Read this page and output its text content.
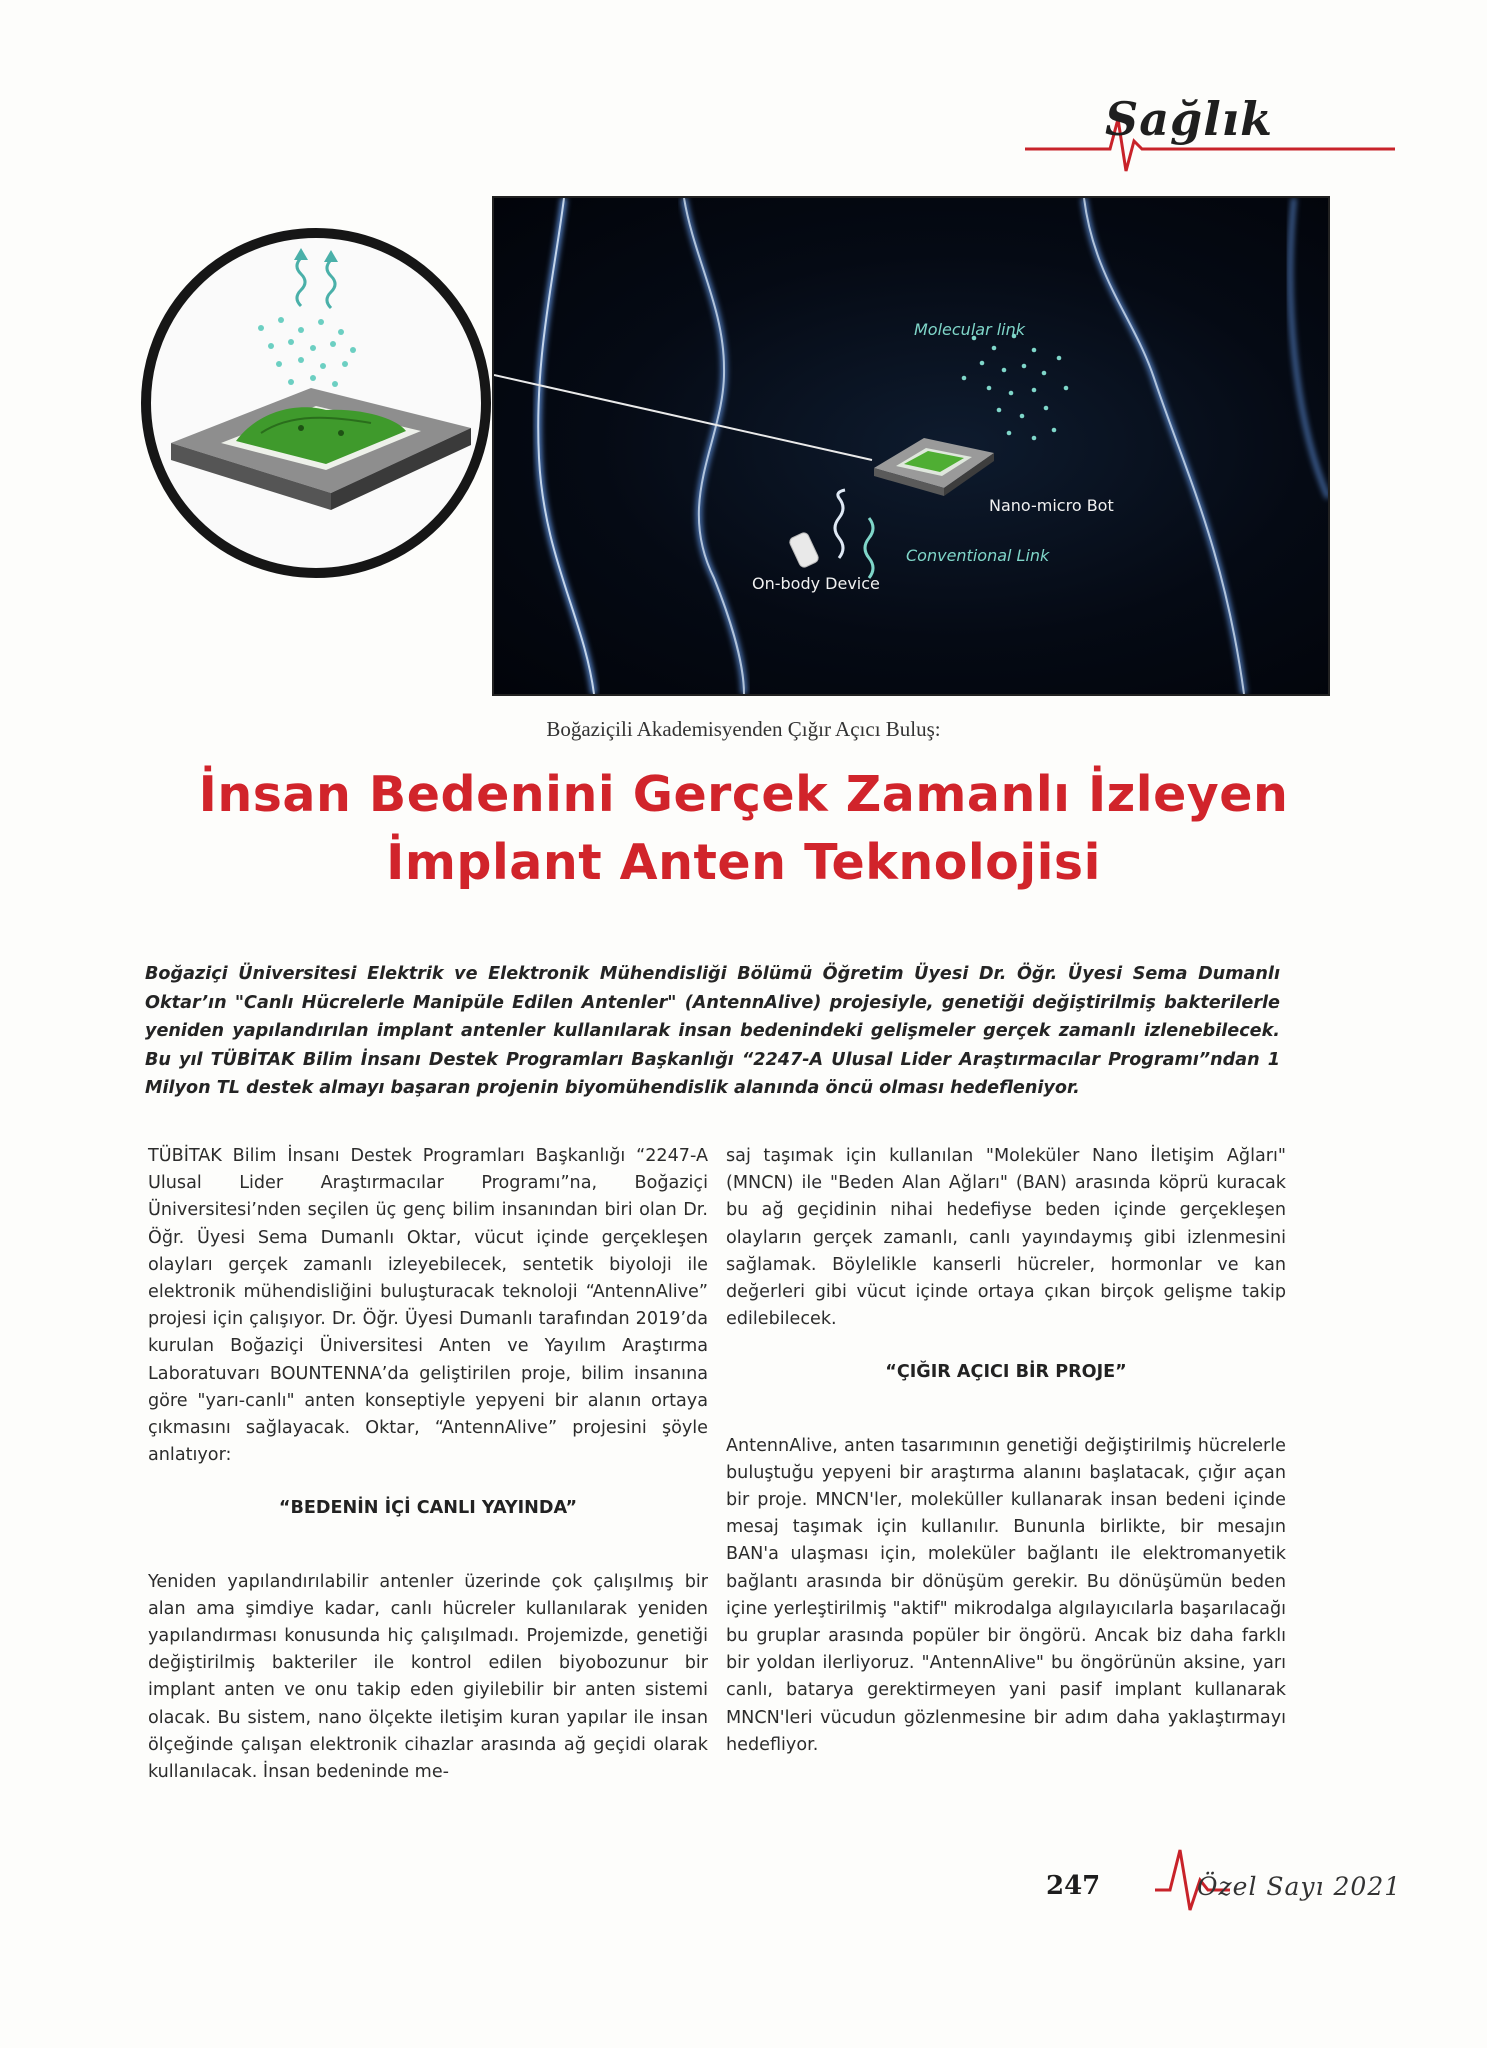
Sağlık
Molecular link
Nano-micro Bot
Conventional Link
On-body Device
Boğaziçili Akademisyenden Çığır Açıcı Buluş:
İnsan Bedenini Gerçek Zamanlı İzleyen
İmplant Anten Teknolojisi
Boğaziçi Üniversitesi Elektrik ve Elektronik Mühendisliği Bölümü Öğretim Üyesi Dr. Öğr. Üyesi Sema Dumanlı Oktar’ın "Canlı Hücrelerle Manipüle Edilen Antenler" (AntennAlive) projesiyle, genetiği değiştirilmiş bakterilerle yeniden yapılandırılan implant antenler kullanılarak insan bedenindeki gelişmeler gerçek zamanlı izlenebilecek. Bu yıl TÜBİTAK Bilim İnsanı Destek Programları Başkanlığı “2247-A Ulusal Lider Araştırmacılar Programı”ndan 1 Milyon TL destek almayı başaran projenin biyomühendislik alanında öncü olması hedefleniyor.

TÜBİTAK Bilim İnsanı Destek Programları Başkanlığı “2247-A Ulusal Lider Araştırmacılar Programı”na, Boğaziçi Üniversitesi’nden seçilen üç genç bilim insanından biri olan Dr. Öğr. Üyesi Sema Dumanlı Oktar, vücut içinde gerçekleşen olayları gerçek zamanlı izleyebilecek, sentetik biyoloji ile elektronik mühendisliğini buluşturacak teknoloji “AntennAlive” projesi için çalışıyor. Dr. Öğr. Üyesi Dumanlı tarafından 2019’da kurulan Boğaziçi Üniversitesi Anten ve Yayılım Araştırma Laboratuvarı BOUNTENNA’da geliştirilen proje, bilim insanına göre "yarı-canlı" anten konseptiyle yepyeni bir alanın ortaya çıkmasını sağlayacak. Oktar, “AntennAlive” projesini şöyle anlatıyor:

“BEDENİN İÇİ CANLI YAYINDA”

Yeniden yapılandırılabilir antenler üzerinde çok çalışılmış bir alan ama şimdiye kadar, canlı hücreler kullanılarak yeniden yapılandırması konusunda hiç çalışılmadı. Projemizde, genetiği değiştirilmiş bakteriler ile kontrol edilen biyobozunur bir implant anten ve onu takip eden giyilebilir bir anten sistemi olacak. Bu sistem, nano ölçekte iletişim kuran yapılar ile insan ölçeğinde çalışan elektronik cihazlar arasında ağ geçidi olarak kullanılacak. İnsan bedeninde me-

saj taşımak için kullanılan "Moleküler Nano İletişim Ağları"(MNCN) ile "Beden Alan Ağları" (BAN) arasında köprü kuracak bu ağ geçidinin nihai hedefiyse beden içinde gerçekleşen olayların gerçek zamanlı, canlı yayındaymış gibi izlenmesini sağlamak. Böylelikle kanserli hücreler, hormonlar ve kan değerleri gibi vücut içinde ortaya çıkan birçok gelişme takip edilebilecek.

“ÇIĞIR AÇICI BİR PROJE”

AntennAlive, anten tasarımının genetiği değiştirilmiş hücrelerle buluştuğu yepyeni bir araştırma alanını başlatacak, çığır açan bir proje. MNCN'ler, moleküller kullanarak insan bedeni içinde mesaj taşımak için kullanılır. Bununla birlikte, bir mesajın BAN'a ulaşması için, moleküler bağlantı ile elektromanyetik bağlantı arasında bir dönüşüm gerekir. Bu dönüşümün beden içine yerleştirilmiş "aktif" mikrodalga algılayıcılarla başarılacağı bu gruplar arasında popüler bir öngörü. Ancak biz daha farklı bir yoldan ilerliyoruz. "AntennAlive" bu öngörünün aksine, yarı canlı, batarya gerektirmeyen yani pasif implant kullanarak MNCN'leri vücudun gözlenmesine bir adım daha yaklaştırmayı hedefliyor.

247	Özel Sayı 2021
